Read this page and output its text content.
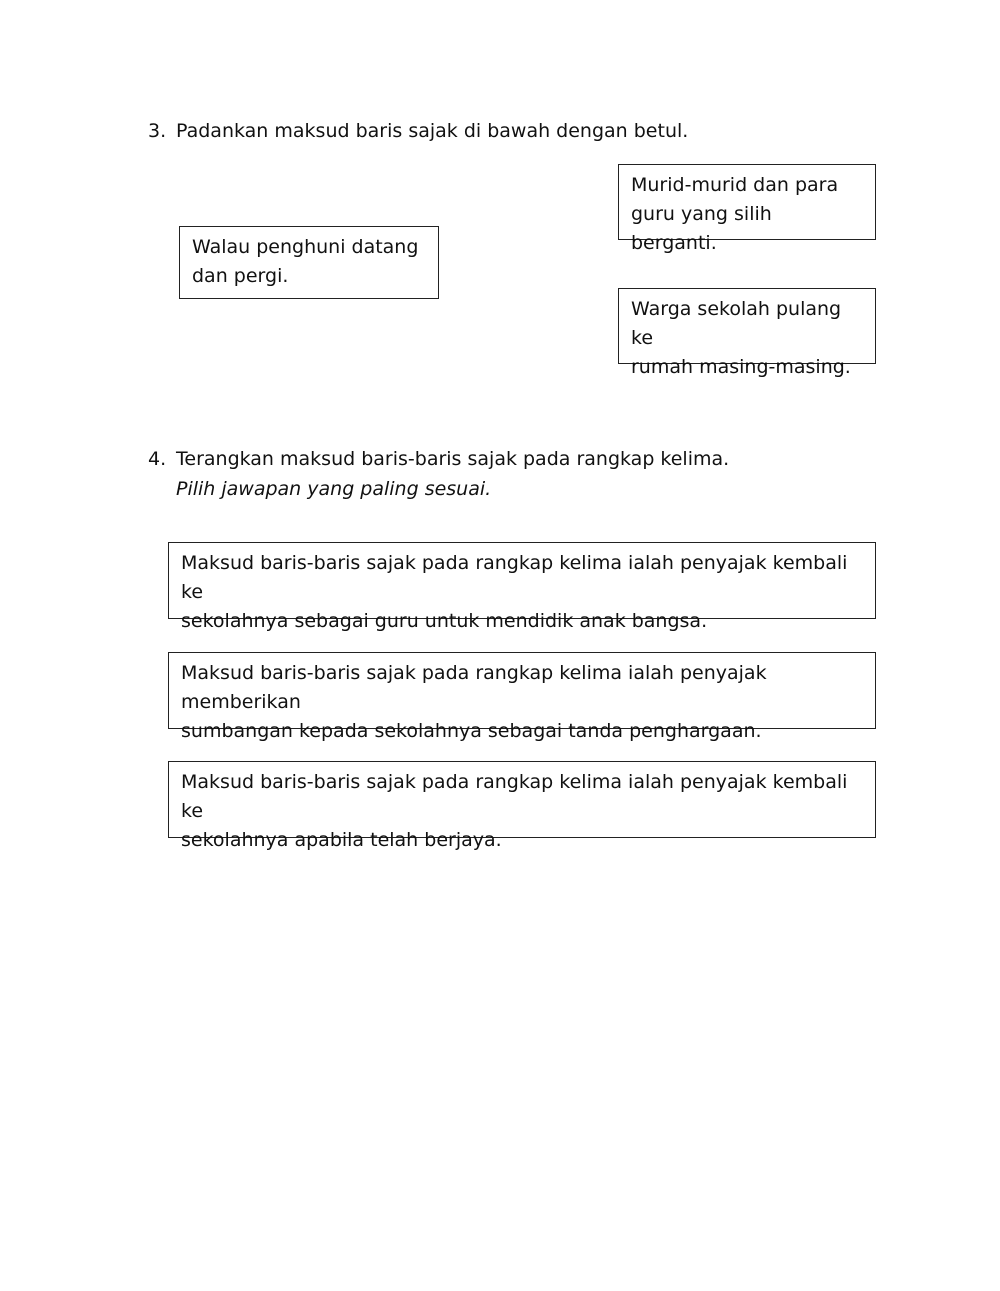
3. Padankan maksud baris sajak di bawah dengan betul.
Murid-murid dan para
guru yang silih berganti.
Walau penghuni datang
dan pergi.
Warga sekolah pulang ke
rumah masing-masing.
4. Terangkan maksud baris-baris sajak pada rangkap kelima.
Pilih jawapan yang paling sesuai.
Maksud baris-baris sajak pada rangkap kelima ialah penyajak kembali ke
sekolahnya sebagai guru untuk mendidik anak bangsa.
Maksud baris-baris sajak pada rangkap kelima ialah penyajak memberikan
sumbangan kepada sekolahnya sebagai tanda penghargaan.
Maksud baris-baris sajak pada rangkap kelima ialah penyajak kembali ke
sekolahnya apabila telah berjaya.
